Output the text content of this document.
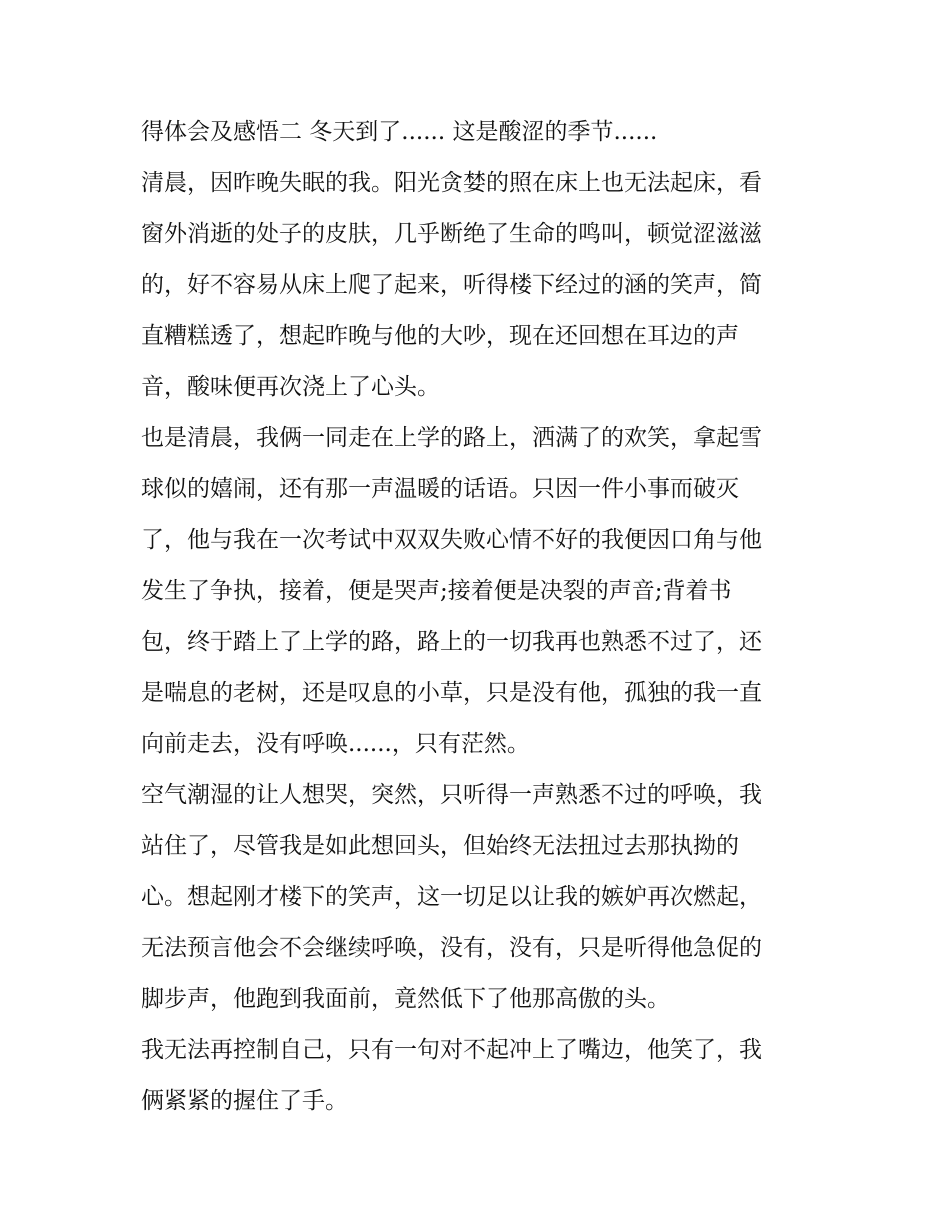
得体会及感悟二 冬天到了...... 这是酸涩的季节......
清晨，因昨晚失眠的我。阳光贪婪的照在床上也无法起床，看
窗外消逝的处子的皮肤，几乎断绝了生命的鸣叫，顿觉涩滋滋
的，好不容易从床上爬了起来，听得楼下经过的涵的笑声，简
直糟糕透了，想起昨晚与他的大吵，现在还回想在耳边的声
音，酸味便再次浇上了心头。
也是清晨，我俩一同走在上学的路上，洒满了的欢笑，拿起雪
球似的嬉闹，还有那一声温暖的话语。只因一件小事而破灭
了，他与我在一次考试中双双失败心情不好的我便因口角与他
发生了争执，接着，便是哭声;接着便是决裂的声音;背着书
包，终于踏上了上学的路，路上的一切我再也熟悉不过了，还
是喘息的老树，还是叹息的小草，只是没有他，孤独的我一直
向前走去，没有呼唤......，只有茫然。
空气潮湿的让人想哭，突然，只听得一声熟悉不过的呼唤，我
站住了，尽管我是如此想回头，但始终无法扭过去那执拗的
心。想起刚才楼下的笑声，这一切足以让我的嫉妒再次燃起，
无法预言他会不会继续呼唤，没有，没有，只是听得他急促的
脚步声，他跑到我面前，竟然低下了他那高傲的头。
我无法再控制自己，只有一句对不起冲上了嘴边，他笑了，我
俩紧紧的握住了手。
